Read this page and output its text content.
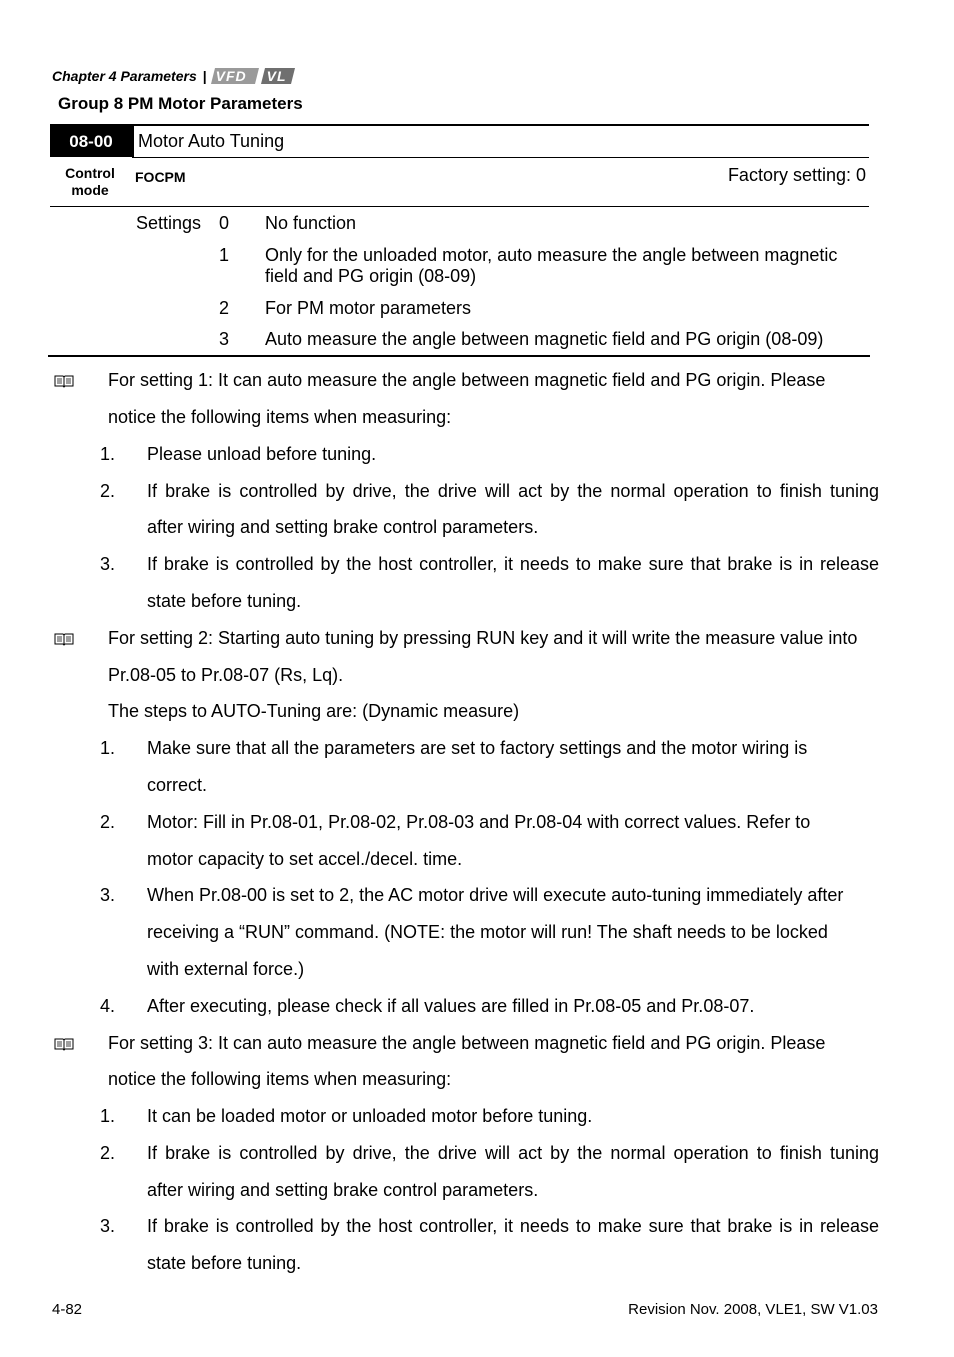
Chapter 4 Parameters | VFD VL
Group 8 PM Motor Parameters
08-00	Motor Auto Tuning
Control mode
FOCPM	Factory setting: 0
Settings 0 No function
1 Only for the unloaded motor, auto measure the angle between magnetic field and PG origin (08-09)
2 For PM motor parameters
3 Auto measure the angle between magnetic field and PG origin (08-09)
For setting 1: It can auto measure the angle between magnetic field and PG origin. Please
notice the following items when measuring:
1. Please unload before tuning.
2. If brake is controlled by drive, the drive will act by the normal operation to finish tuning
after wiring and setting brake control parameters.
3. If brake is controlled by the host controller, it needs to make sure that brake is in release
state before tuning.
For setting 2: Starting auto tuning by pressing RUN key and it will write the measure value into
Pr.08-05 to Pr.08-07 (Rs, Lq).
The steps to AUTO-Tuning are: (Dynamic measure)
1. Make sure that all the parameters are set to factory settings and the motor wiring is
correct.
2. Motor: Fill in Pr.08-01, Pr.08-02, Pr.08-03 and Pr.08-04 with correct values. Refer to
motor capacity to set accel./decel. time.
3. When Pr.08-00 is set to 2, the AC motor drive will execute auto-tuning immediately after
receiving a “RUN” command. (NOTE: the motor will run! The shaft needs to be locked
with external force.)
4. After executing, please check if all values are filled in Pr.08-05 and Pr.08-07.
For setting 3: It can auto measure the angle between magnetic field and PG origin. Please
notice the following items when measuring:
1. It can be loaded motor or unloaded motor before tuning.
2. If brake is controlled by drive, the drive will act by the normal operation to finish tuning
after wiring and setting brake control parameters.
3. If brake is controlled by the host controller, it needs to make sure that brake is in release
state before tuning.
4-82	Revision Nov. 2008, VLE1, SW V1.03
